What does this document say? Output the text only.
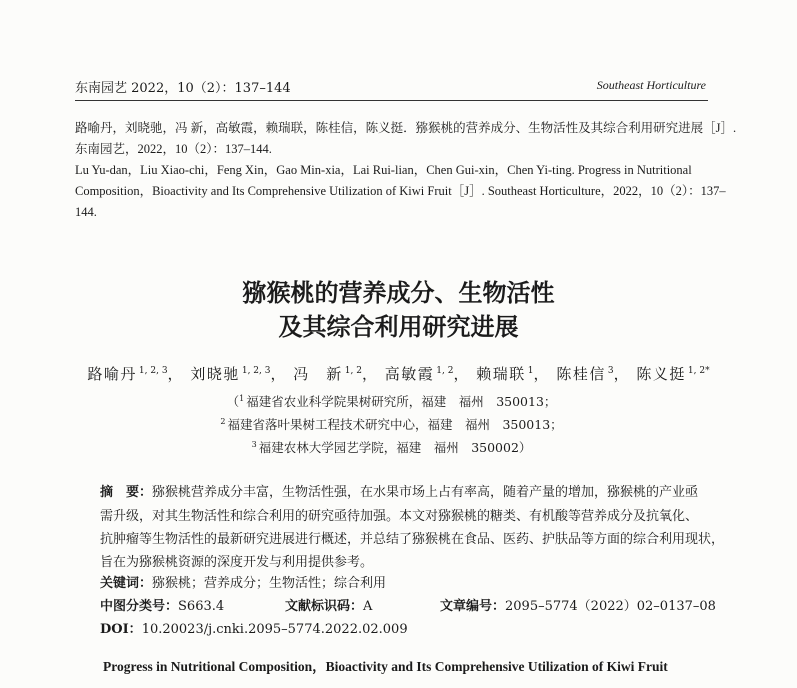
东南园艺 2022，10（2）：137–144	Southeast Horticulture
路喻丹，刘晓驰，冯 新，高敏霞，赖瑞联，陈桂信，陈义挺．猕猴桃的营养成分、生物活性及其综合利用研究进展［J］.
东南园艺，2022，10（2）：137–144.
Lu Yu-dan，Liu Xiao-chi，Feng Xin，Gao Min-xia，Lai Rui-lian，Chen Gui-xin，Chen Yi-ting. Progress in Nutritional
Composition，Bioactivity and Its Comprehensive Utilization of Kiwi Fruit［J］. Southeast Horticulture，2022，10（2）：137–
144.
猕猴桃的营养成分、生物活性
及其综合利用研究进展
路喻丹 $^{1, 2, 3}$， 刘晓驰 $^{1, 2, 3}$， 冯　新 $^{1, 2}$， 高敏霞 $^{1, 2}$， 赖瑞联 $^1$， 陈桂信 $^3$， 陈义挺 $^{1, 2*}$
（$^1$ 福建省农业科学院果树研究所，福建　福州　350013；
$^2$ 福建省落叶果树工程技术研究中心，福建　福州　350013；
$^3$ 福建农林大学园艺学院，福建　福州　350002）
摘　要：猕猴桃营养成分丰富，生物活性强，在水果市场上占有率高，随着产量的增加，猕猴桃的产业亟
需升级，对其生物活性和综合利用的研究亟待加强。本文对猕猴桃的糖类、有机酸等营养成分及抗氧化、
抗肿瘤等生物活性的最新研究进展进行概述，并总结了猕猴桃在食品、医药、护肤品等方面的综合利用现状，
旨在为猕猴桃资源的深度开发与利用提供参考。
关键词：猕猴桃；营养成分；生物活性；综合利用
中图分类号：S663.4	文献标识码：A	文章编号：2095–5774（2022）02–0137–08
DOI：10.20023/j.cnki.2095–5774.2022.02.009
Progress in Nutritional Composition，Bioactivity and Its Comprehensive Utilization of Kiwi Fruit
